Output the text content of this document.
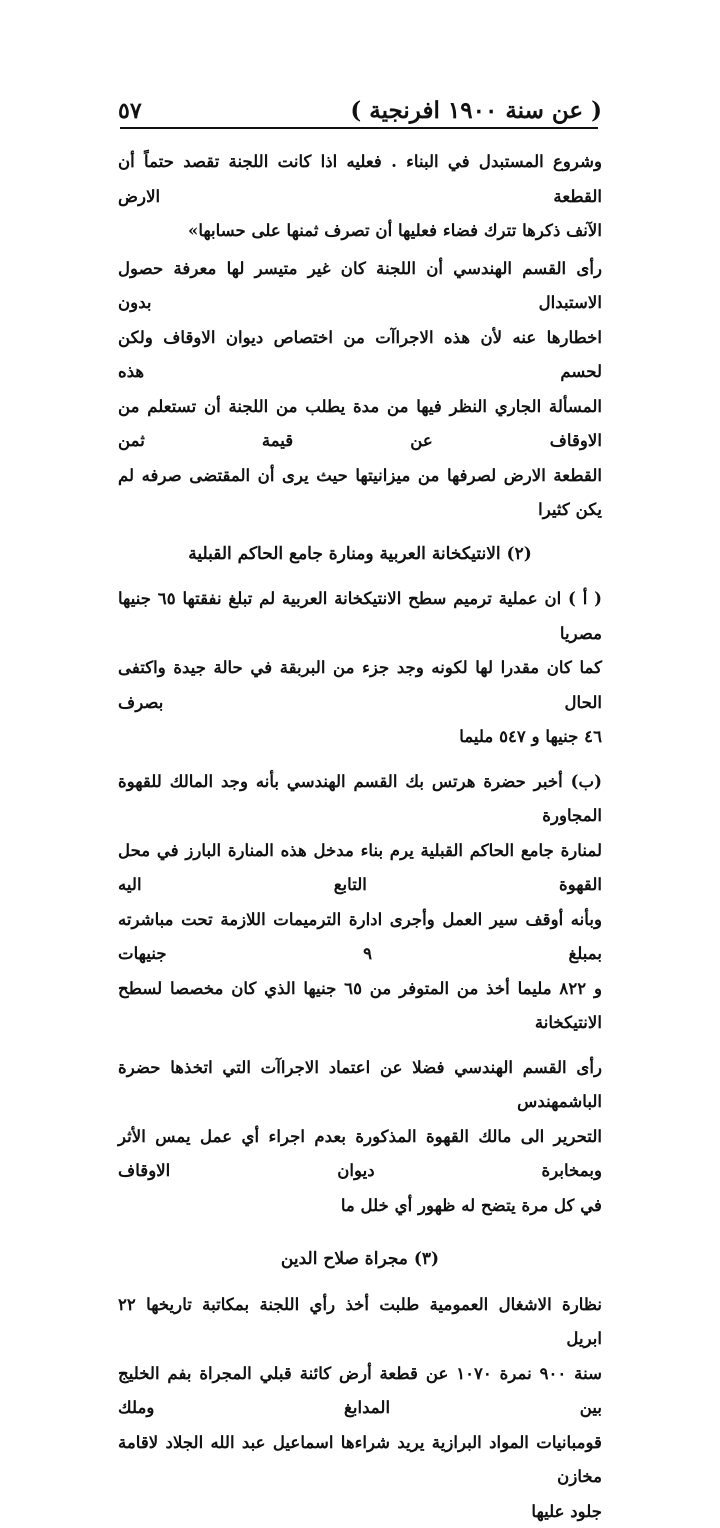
( عن سنة ١٩٠٠ افرنجية )
٥٧

وشروع المستبدل في البناء . فعليه اذا كانت اللجنة تقصد حتماً أن القطعة الارض

الآنف ذكرها تترك فضاء فعليها أن تصرف ثمنها على حسابها»

رأى القسم الهندسي أن اللجنة كان غير متيسر لها معرفة حصول الاستبدال بدون

اخطارها عنه لأن هذه الاجراآت من اختصاص ديوان الاوقاف ولكن لحسم هذه

المسألة الجاري النظر فيها من مدة يطلب من اللجنة أن تستعلم من الاوقاف عن قيمة ثمن

القطعة الارض لصرفها من ميزانيتها حيث يرى أن المقتضى صرفه لم يكن كثيرا

(٢) الانتيكخانة العربية ومنارة جامع الحاكم القبلية

( أ ) ان عملية ترميم سطح الانتيكخانة العربية لم تبلغ نفقتها ٦٥ جنيها مصريا

كما كان مقدرا لها لكونه وجد جزء من البربقة في حالة جيدة واكتفى الحال بصرف

٤٦ جنيها و ٥٤٧ مليما

(ب) أخبر حضرة هرتس بك القسم الهندسي بأنه وجد المالك للقهوة المجاورة

لمنارة جامع الحاكم القبلية يرم بناء مدخل هذه المنارة البارز في محل القهوة التابع اليه

وبأنه أوقف سير العمل وأجرى ادارة الترميمات اللازمة تحت مباشرته بمبلغ ٩ جنيهات

و ٨٢٢ مليما أخذ من المتوفر من ٦٥ جنيها الذي كان مخصصا لسطح الانتيكخانة

رأى القسم الهندسي فضلا عن اعتماد الاجراآت التي اتخذها حضرة الباشمهندس

التحرير الى مالك القهوة المذكورة بعدم اجراء أي عمل يمس الأثر وبمخابرة ديوان الاوقاف

في كل مرة يتضح له ظهور أي خلل ما

(٣) مجراة صلاح الدين

نظارة الاشغال العمومية طلبت أخذ رأي اللجنة بمكاتبة تاريخها ٢٢ ابريل

سنة ٩٠٠ نمرة ١٠٧٠ عن قطعة أرض كائنة قبلي المجراة بفم الخليج بين المدابغ وملك

قومبانيات المواد البرازية يريد شراءها اسماعيل عبد الله الجلاد لاقامة مخازن

جلود عليها
